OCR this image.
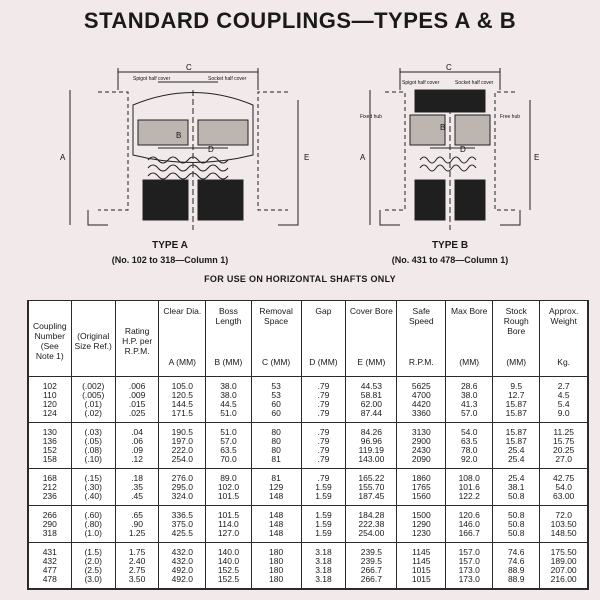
STANDARD COUPLINGS—TYPES A & B
C
Spigot half cover	Socket half cover
A
B
D
E
C
Spigot half cover	Socket half cover
Fixed hub	Free hub
A
B
D
E
TYPE A
(No. 102 to 318—Column 1)
TYPE B
(No. 431 to 478—Column 1)
FOR USE ON HORIZONTAL SHAFTS ONLY
Coupling Number (See Note 1)	(Original Size Ref.)	Rating H.P. per R.P.M.	Clear Dia.	Boss Length	Removal Space	Gap	Cover Bore	Safe Speed	Max Bore	Stock Rough Bore	Approx. Weight
			A (MM)	B (MM)	C (MM)	D (MM)	E (MM)	R.P.M.	(MM)	(MM)	Kg.
102	(.002)	.006	105.0	38.0	53	.79	44.53	5625	28.6	9.5	2.7
110	(.005)	.009	120.5	38.0	53	.79	58.81	4700	38.0	12.7	4.5
120	(.01)	.015	144.5	44.5	60	.79	62.00	4420	41.3	15.87	5.4
124	(.02)	.025	171.5	51.0	60	.79	87.44	3360	57.0	15.87	9.0
130	(.03)	.04	190.5	51.0	80	.79	84.26	3130	54.0	15.87	11.25
136	(.05)	.06	197.0	57.0	80	.79	96.96	2900	63.5	15.87	15.75
152	(.08)	.09	222.0	63.5	80	.79	119.19	2430	78.0	25.4	20.25
158	(.10)	.12	254.0	70.0	81	.79	143.00	2090	92.0	25.4	27.0
168	(.15)	.18	276.0	89.0	81	.79	165.22	1860	108.0	25.4	42.75
212	(.30)	.35	295.0	102.0	129	1.59	155.70	1765	101.6	38.1	54.0
236	(.40)	.45	324.0	101.5	148	1.59	187.45	1560	122.2	50.8	63.00
266	(.60)	.65	336.5	101.5	148	1.59	184.28	1500	120.6	50.8	72.0
290	(.80)	.90	375.0	114.0	148	1.59	222.38	1290	146.0	50.8	103.50
318	(1.0)	1.25	425.5	127.0	148	1.59	254.00	1230	166.7	50.8	148.50
431	(1.5)	1.75	432.0	140.0	180	3.18	239.5	1145	157.0	74.6	175.50
432	(2.0)	2.40	432.0	140.0	180	3.18	239.5	1145	157.0	74.6	189.00
477	(2.5)	2.75	492.0	152.5	180	3.18	266.7	1015	173.0	88.9	207.00
478	(3.0)	3.50	492.0	152.5	180	3.18	266.7	1015	173.0	88.9	216.00
